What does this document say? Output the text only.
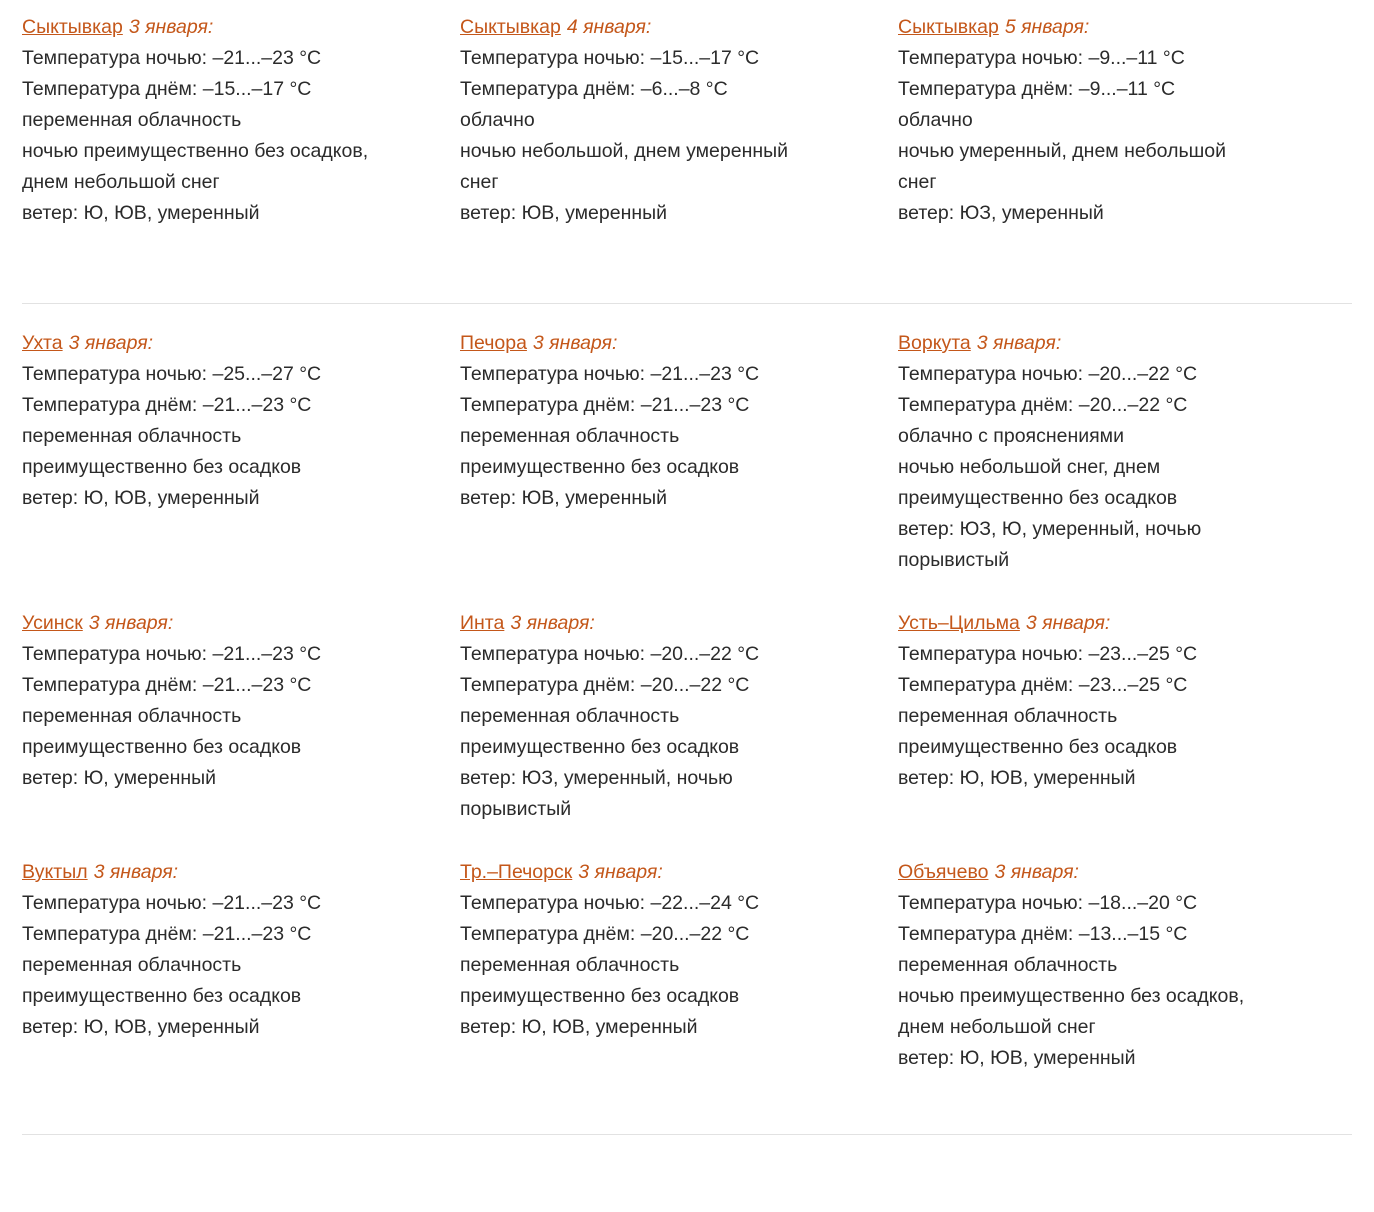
Сыктывкар 3 января:
Температура ночью: –21...–23 °C
Температура днём: –15...–17 °C
переменная облачность
ночью преимущественно без осадков,
днем небольшой снег
ветер: Ю, ЮВ, умеренный
Сыктывкар 4 января:
Температура ночью: –15...–17 °C
Температура днём: –6...–8 °C
облачно
ночью небольшой, днем умеренный
снег
ветер: ЮВ, умеренный
Сыктывкар 5 января:
Температура ночью: –9...–11 °C
Температура днём: –9...–11 °C
облачно
ночью умеренный, днем небольшой
снег
ветер: ЮЗ, умеренный
Ухта 3 января:
Температура ночью: –25...–27 °C
Температура днём: –21...–23 °C
переменная облачность
преимущественно без осадков
ветер: Ю, ЮВ, умеренный
Печора 3 января:
Температура ночью: –21...–23 °C
Температура днём: –21...–23 °C
переменная облачность
преимущественно без осадков
ветер: ЮВ, умеренный
Воркута 3 января:
Температура ночью: –20...–22 °C
Температура днём: –20...–22 °C
облачно с прояснениями
ночью небольшой снег, днем
преимущественно без осадков
ветер: ЮЗ, Ю, умеренный, ночью
порывистый
Усинск 3 января:
Температура ночью: –21...–23 °C
Температура днём: –21...–23 °C
переменная облачность
преимущественно без осадков
ветер: Ю, умеренный
Инта 3 января:
Температура ночью: –20...–22 °C
Температура днём: –20...–22 °C
переменная облачность
преимущественно без осадков
ветер: ЮЗ, умеренный, ночью
порывистый
Усть–Цильма 3 января:
Температура ночью: –23...–25 °C
Температура днём: –23...–25 °C
переменная облачность
преимущественно без осадков
ветер: Ю, ЮВ, умеренный
Вуктыл 3 января:
Температура ночью: –21...–23 °C
Температура днём: –21...–23 °C
переменная облачность
преимущественно без осадков
ветер: Ю, ЮВ, умеренный
Тр.–Печорск 3 января:
Температура ночью: –22...–24 °C
Температура днём: –20...–22 °C
переменная облачность
преимущественно без осадков
ветер: Ю, ЮВ, умеренный
Объячево 3 января:
Температура ночью: –18...–20 °C
Температура днём: –13...–15 °C
переменная облачность
ночью преимущественно без осадков,
днем небольшой снег
ветер: Ю, ЮВ, умеренный
